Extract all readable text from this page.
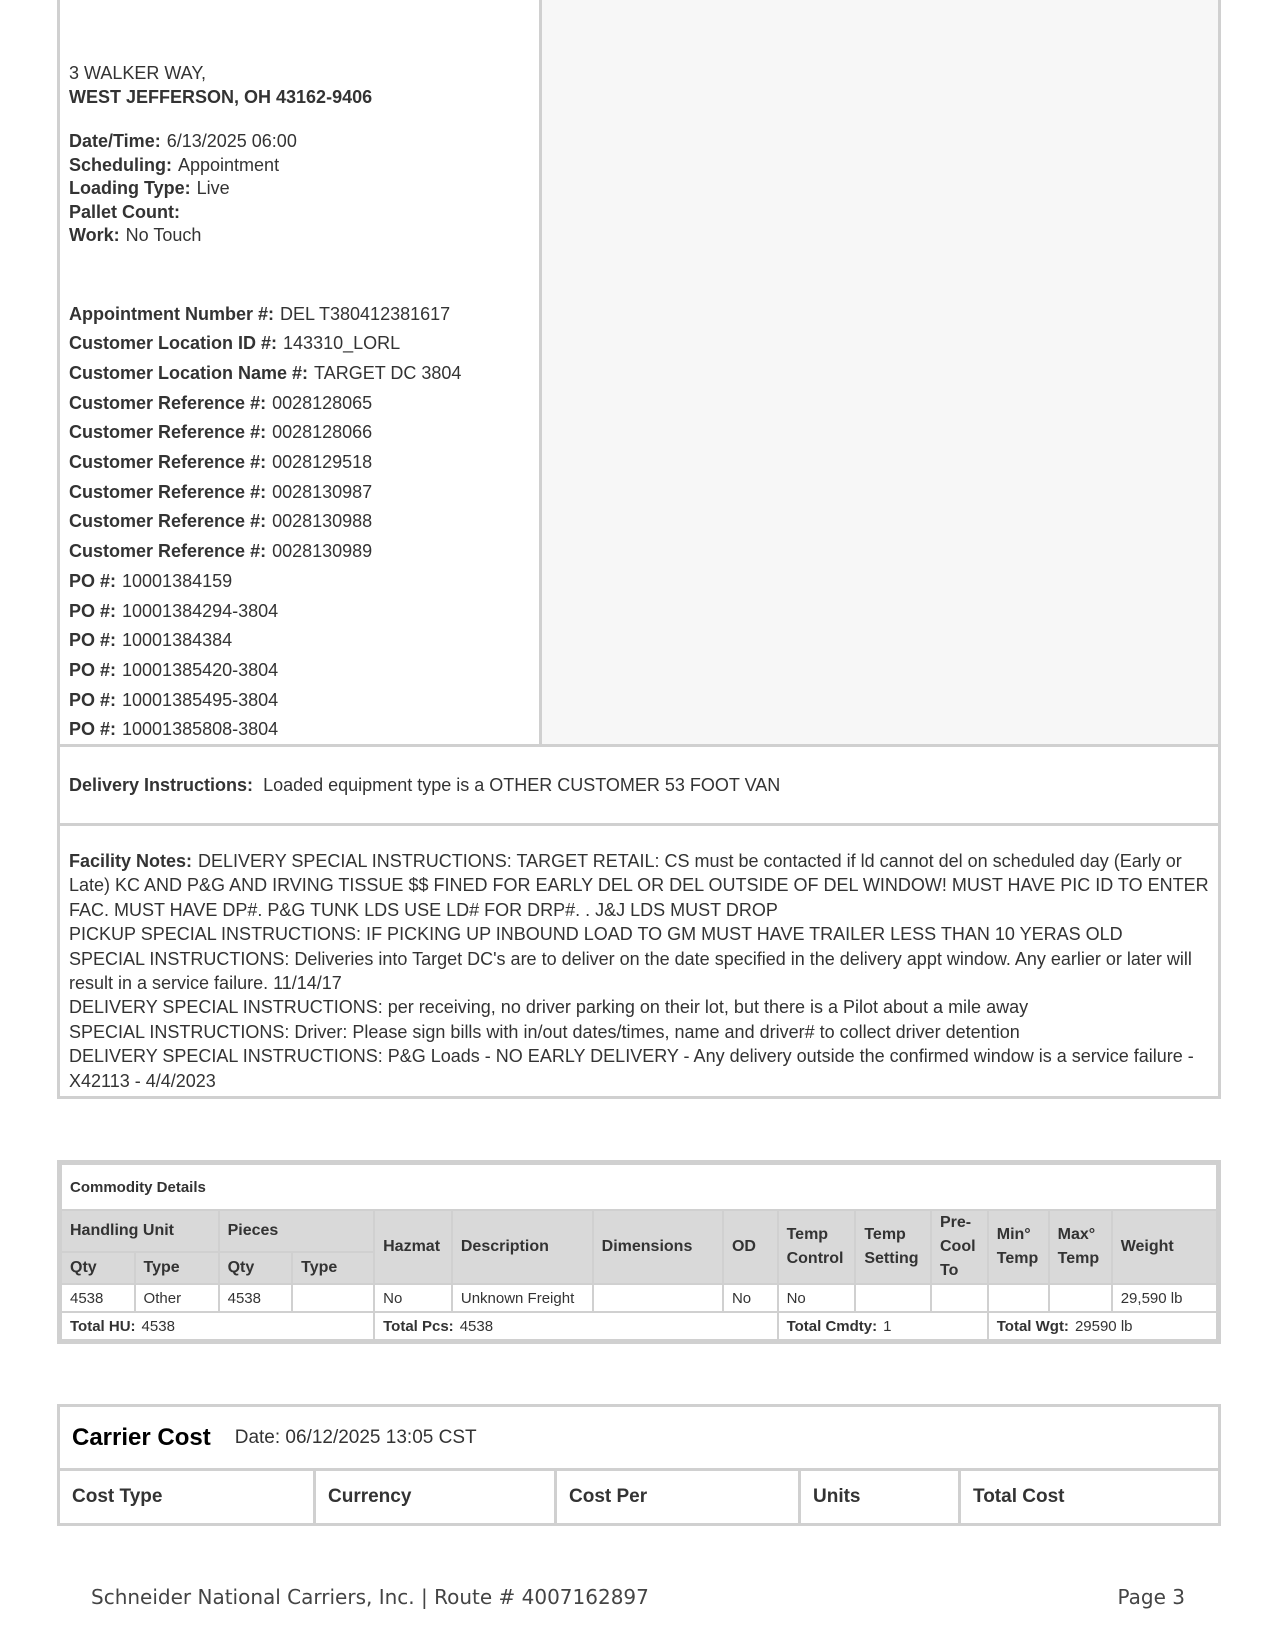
3 WALKER WAY,
WEST JEFFERSON, OH 43162-9406
Date/Time: 6/13/2025 06:00
Scheduling: Appointment
Loading Type: Live
Pallet Count:
Work: No Touch
Appointment Number #: DEL T380412381617
Customer Location ID #: 143310_LORL
Customer Location Name #: TARGET DC 3804
Customer Reference #: 0028128065
Customer Reference #: 0028128066
Customer Reference #: 0028129518
Customer Reference #: 0028130987
Customer Reference #: 0028130988
Customer Reference #: 0028130989
PO #: 10001384159
PO #: 10001384294-3804
PO #: 10001384384
PO #: 10001385420-3804
PO #: 10001385495-3804
PO #: 10001385808-3804
Delivery Instructions: Loaded equipment type is a OTHER CUSTOMER 53 FOOT VAN

Facility Notes: DELIVERY SPECIAL INSTRUCTIONS: TARGET RETAIL: CS must be contacted if ld cannot del on scheduled day (Early or Late) KC AND P&G AND IRVING TISSUE $$ FINED FOR EARLY DEL OR DEL OUTSIDE OF DEL WINDOW! MUST HAVE PIC ID TO ENTER FAC. MUST HAVE DP#. P&G TUNK LDS USE LD# FOR DRP#. . J&J LDS MUST DROP

PICKUP SPECIAL INSTRUCTIONS: IF PICKING UP INBOUND LOAD TO GM MUST HAVE TRAILER LESS THAN 10 YERAS OLD

SPECIAL INSTRUCTIONS: Deliveries into Target DC's are to deliver on the date specified in the delivery appt window. Any earlier or later will result in a service failure. 11/14/17

DELIVERY SPECIAL INSTRUCTIONS: per receiving, no driver parking on their lot, but there is a Pilot about a mile away

SPECIAL INSTRUCTIONS: Driver: Please sign bills with in/out dates/times, name and driver# to collect driver detention

DELIVERY SPECIAL INSTRUCTIONS: P&G Loads - NO EARLY DELIVERY - Any delivery outside the confirmed window is a service failure - X42113 - 4/4/2023

Commodity Details													
Handling Unit		Pieces		Hazmat	Description	Dimensions	OD	Temp Control	Temp Setting	Pre-Cool To	Min° Temp	Max° Temp	Weight
Qty	Type	Qty	Type										
4538	Other	4538		No	Unknown Freight		No	No					29,590 lb
Total HU: 4538				Total Pcs: 4538				Total Cmdty: 1			Total Wgt: 29590 lb		
Carrier Cost Date: 06/12/2025 13:05 CST
Cost Type	Currency	Cost Per	Units	Total Cost
Schneider National Carriers, Inc. | Route # 4007162897	Page 3
